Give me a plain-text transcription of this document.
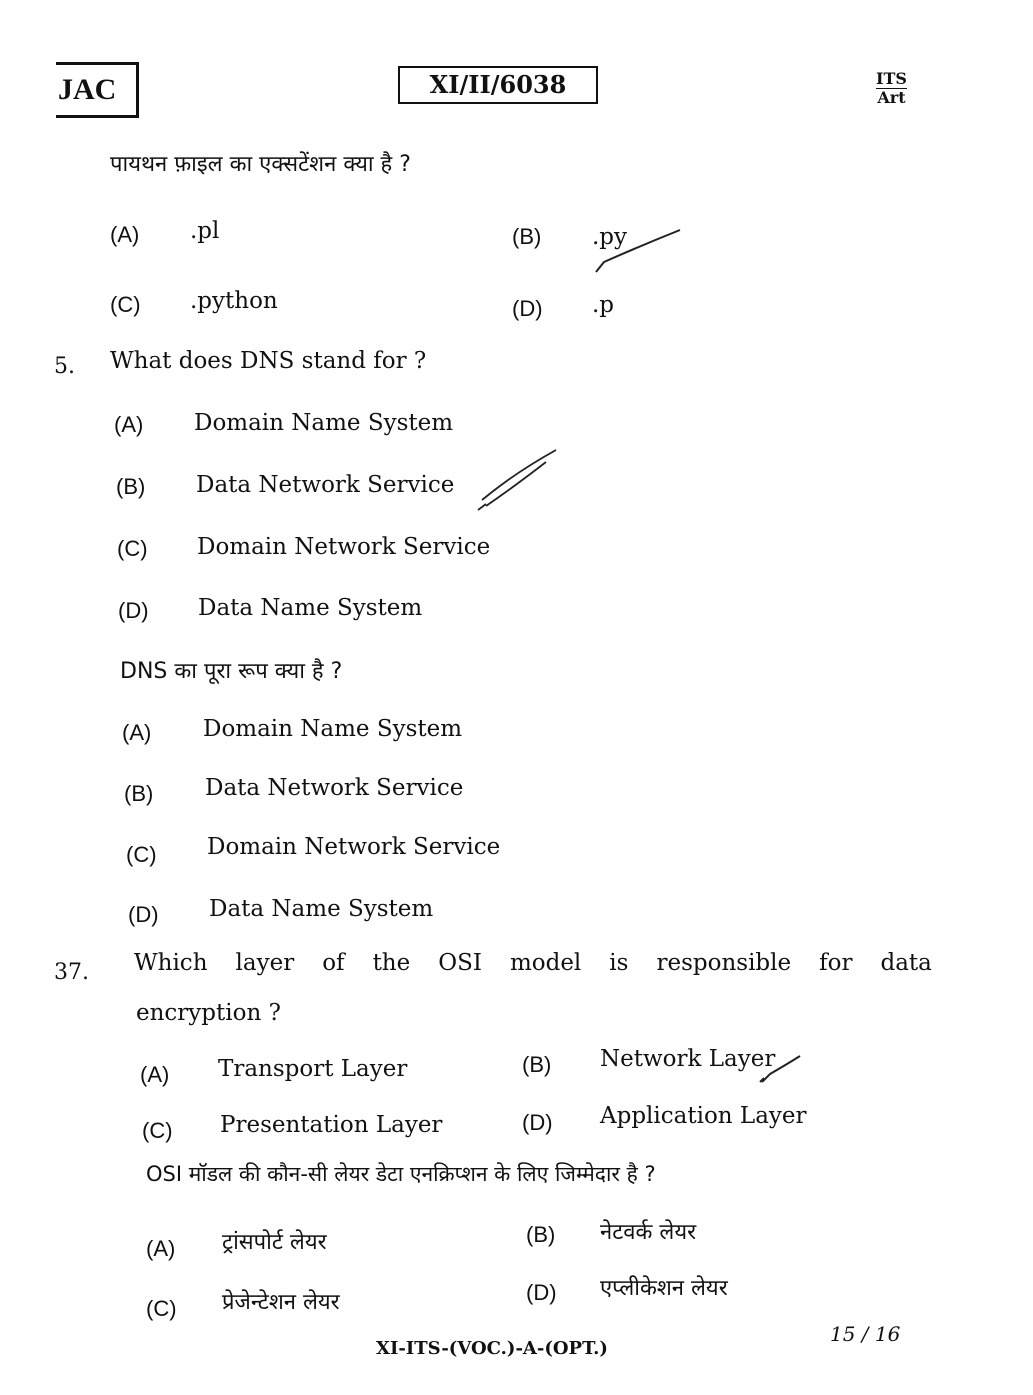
JAC	XI/II/6038	ITS
Art
पायथन फ़ाइल का एक्सटेंशन क्या है ?
(A) .pl	(B) .py
(C) .python	(D) .p
5. What does DNS stand for ?
(A) Domain Name System
(B) Data Network Service
(C) Domain Network Service
(D) Data Name System
DNS का पूरा रूप क्या है ?
(A) Domain Name System
(B) Data Network Service
(C) Domain Network Service
(D) Data Name System
37. Which layer of the OSI model is responsible for data
encryption ?
(A) Transport Layer	(B) Network Layer
(C) Presentation Layer	(D) Application Layer
OSI मॉडल की कौन-सी लेयर डेटा एनक्रिप्शन के लिए जिम्मेदार है ?
(A) ट्रांसपोर्ट लेयर	(B) नेटवर्क लेयर
(C) प्रेजेन्टेशन लेयर	(D) एप्लीकेशन लेयर
XI-ITS-(VOC.)-A-(OPT.)
15 / 16
